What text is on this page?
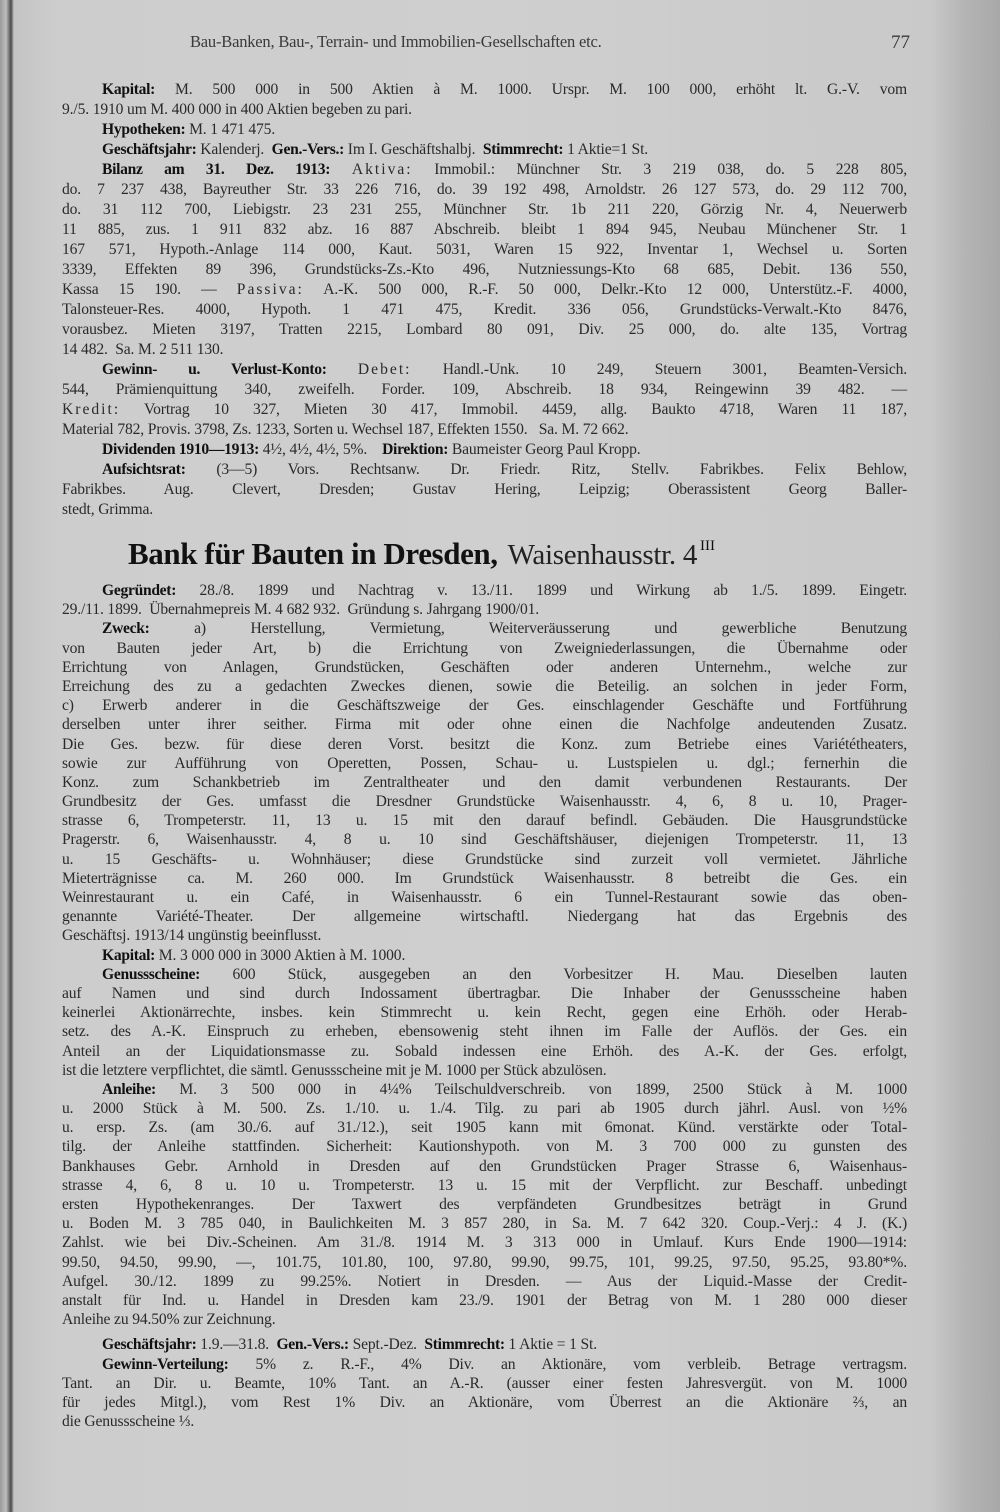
Bau-Banken, Bau-, Terrain- und Immobilien-Gesellschaften etc.	77
Kapital: M. 500 000 in 500 Aktien à M. 1000. Urspr. M. 100 000, erhöht lt. G.-V. vom
9./5. 1910 um M. 400 000 in 400 Aktien begeben zu pari.
Hypotheken: M. 1 471 475.
Geschäftsjahr: Kalenderj.  Gen.-Vers.: Im I. Geschäftshalbj.  Stimmrecht: 1 Aktie=1 St.
Bilanz am 31. Dez. 1913: Aktiva: Immobil.: Münchner Str. 3 219 038, do. 5 228 805,
do. 7 237 438, Bayreuther Str. 33 226 716, do. 39 192 498, Arnoldstr. 26 127 573, do. 29 112 700,
do. 31 112 700, Liebigstr. 23 231 255, Münchner Str. 1b 211 220, Görzig Nr. 4, Neuerwerb
11 885, zus. 1 911 832 abz. 16 887 Abschreib. bleibt 1 894 945, Neubau Münchener Str. 1
167 571, Hypoth.-Anlage 114 000, Kaut. 5031, Waren 15 922, Inventar 1, Wechsel u. Sorten
3339, Effekten 89 396, Grundstücks-Zs.-Kto 496, Nutzniessungs-Kto 68 685, Debit. 136 550,
Kassa 15 190. — Passiva: A.-K. 500 000, R.-F. 50 000, Delkr.-Kto 12 000, Unterstütz.-F. 4000,
Talonsteuer-Res. 4000, Hypoth. 1 471 475, Kredit. 336 056, Grundstücks-Verwalt.-Kto 8476,
vorausbez. Mieten 3197, Tratten 2215, Lombard 80 091, Div. 25 000, do. alte 135, Vortrag
14 482.  Sa. M. 2 511 130.
Gewinn- u. Verlust-Konto: Debet: Handl.-Unk. 10 249, Steuern 3001, Beamten-Versich.
544, Prämienquittung 340, zweifelh. Forder. 109, Abschreib. 18 934, Reingewinn 39 482. —
Kredit: Vortrag 10 327, Mieten 30 417, Immobil. 4459, allg. Baukto 4718, Waren 11 187,
Material 782, Provis. 3798, Zs. 1233, Sorten u. Wechsel 187, Effekten 1550.   Sa. M. 72 662.
Dividenden 1910—1913: 4½, 4½, 4½, 5%.    Direktion: Baumeister Georg Paul Kropp.
Aufsichtsrat: (3—5) Vors. Rechtsanw. Dr. Friedr. Ritz, Stellv. Fabrikbes. Felix Behlow,
Fabrikbes. Aug. Clevert, Dresden; Gustav Hering, Leipzig; Oberassistent Georg Baller-
stedt, Grimma.
Bank für Bauten in Dresden, Waisenhausstr. 4 $^{III}$
Gegründet: 28./8. 1899 und Nachtrag v. 13./11. 1899 und Wirkung ab 1./5. 1899. Eingetr.
29./11. 1899.  Übernahmepreis M. 4 682 932.  Gründung s. Jahrgang 1900/01.
Zweck: a) Herstellung, Vermietung, Weiterveräusserung und gewerbliche Benutzung
von Bauten jeder Art, b) die Errichtung von Zweigniederlassungen, die Übernahme oder
Errichtung von Anlagen, Grundstücken, Geschäften oder anderen Unternehm., welche zur
Erreichung des zu a gedachten Zweckes dienen, sowie die Beteilig. an solchen in jeder Form,
c) Erwerb anderer in die Geschäftszweige der Ges. einschlagender Geschäfte und Fortführung
derselben unter ihrer seither. Firma mit oder ohne einen die Nachfolge andeutenden Zusatz.
Die Ges. bezw. für diese deren Vorst. besitzt die Konz. zum Betriebe eines Variététheaters,
sowie zur Aufführung von Operetten, Possen, Schau- u. Lustspielen u. dgl.; fernerhin die
Konz. zum Schankbetrieb im Zentraltheater und den damit verbundenen Restaurants. Der
Grundbesitz der Ges. umfasst die Dresdner Grundstücke Waisenhausstr. 4, 6, 8 u. 10, Prager-
strasse 6, Trompeterstr. 11, 13 u. 15 mit den darauf befindl. Gebäuden. Die Hausgrundstücke
Pragerstr. 6, Waisenhausstr. 4, 8 u. 10 sind Geschäftshäuser, diejenigen Trompeterstr. 11, 13
u. 15 Geschäfts- u. Wohnhäuser; diese Grundstücke sind zurzeit voll vermietet. Jährliche
Mieterträgnisse ca. M. 260 000. Im Grundstück Waisenhausstr. 8 betreibt die Ges. ein
Weinrestaurant u. ein Café, in Waisenhausstr. 6 ein Tunnel-Restaurant sowie das oben-
genannte Variété-Theater. Der allgemeine wirtschaftl. Niedergang hat das Ergebnis des
Geschäftsj. 1913/14 ungünstig beeinflusst.
Kapital: M. 3 000 000 in 3000 Aktien à M. 1000.
Genussscheine: 600 Stück, ausgegeben an den Vorbesitzer H. Mau. Dieselben lauten
auf Namen und sind durch Indossament übertragbar. Die Inhaber der Genussscheine haben
keinerlei Aktionärrechte, insbes. kein Stimmrecht u. kein Recht, gegen eine Erhöh. oder Herab-
setz. des A.-K. Einspruch zu erheben, ebensowenig steht ihnen im Falle der Auflös. der Ges. ein
Anteil an der Liquidationsmasse zu. Sobald indessen eine Erhöh. des A.-K. der Ges. erfolgt,
ist die letztere verpflichtet, die sämtl. Genussscheine mit je M. 1000 per Stück abzulösen.
Anleihe: M. 3 500 000 in 4¼% Teilschuldverschreib. von 1899, 2500 Stück à M. 1000
u. 2000 Stück à M. 500. Zs. 1./10. u. 1./4. Tilg. zu pari ab 1905 durch jährl. Ausl. von ½%
u. ersp. Zs. (am 30./6. auf 31./12.), seit 1905 kann mit 6monat. Künd. verstärkte oder Total-
tilg. der Anleihe stattfinden. Sicherheit: Kautionshypoth. von M. 3 700 000 zu gunsten des
Bankhauses Gebr. Arnhold in Dresden auf den Grundstücken Prager Strasse 6, Waisenhaus-
strasse 4, 6, 8 u. 10 u. Trompeterstr. 13 u. 15 mit der Verpflicht. zur Beschaff. unbedingt
ersten Hypothekenranges. Der Taxwert des verpfändeten Grundbesitzes beträgt in Grund
u. Boden M. 3 785 040, in Baulichkeiten M. 3 857 280, in Sa. M. 7 642 320. Coup.-Verj.: 4 J. (K.)
Zahlst. wie bei Div.-Scheinen. Am 31./8. 1914 M. 3 313 000 in Umlauf. Kurs Ende 1900—1914:
99.50, 94.50, 99.90, —, 101.75, 101.80, 100, 97.80, 99.90, 99.75, 101, 99.25, 97.50, 95.25, 93.80*%.
Aufgel. 30./12. 1899 zu 99.25%. Notiert in Dresden. — Aus der Liquid.-Masse der Credit-
anstalt für Ind. u. Handel in Dresden kam 23./9. 1901 der Betrag von M. 1 280 000 dieser
Anleihe zu 94.50% zur Zeichnung.
Geschäftsjahr: 1.9.—31.8.  Gen.-Vers.: Sept.-Dez.  Stimmrecht: 1 Aktie = 1 St.
Gewinn-Verteilung: 5% z. R.-F., 4% Div. an Aktionäre, vom verbleib. Betrage vertragsm.
Tant. an Dir. u. Beamte, 10% Tant. an A.-R. (ausser einer festen Jahresvergüt. von M. 1000
für jedes Mitgl.), vom Rest 1% Div. an Aktionäre, vom Überrest an die Aktionäre ⅔, an
die Genussscheine ⅓.
